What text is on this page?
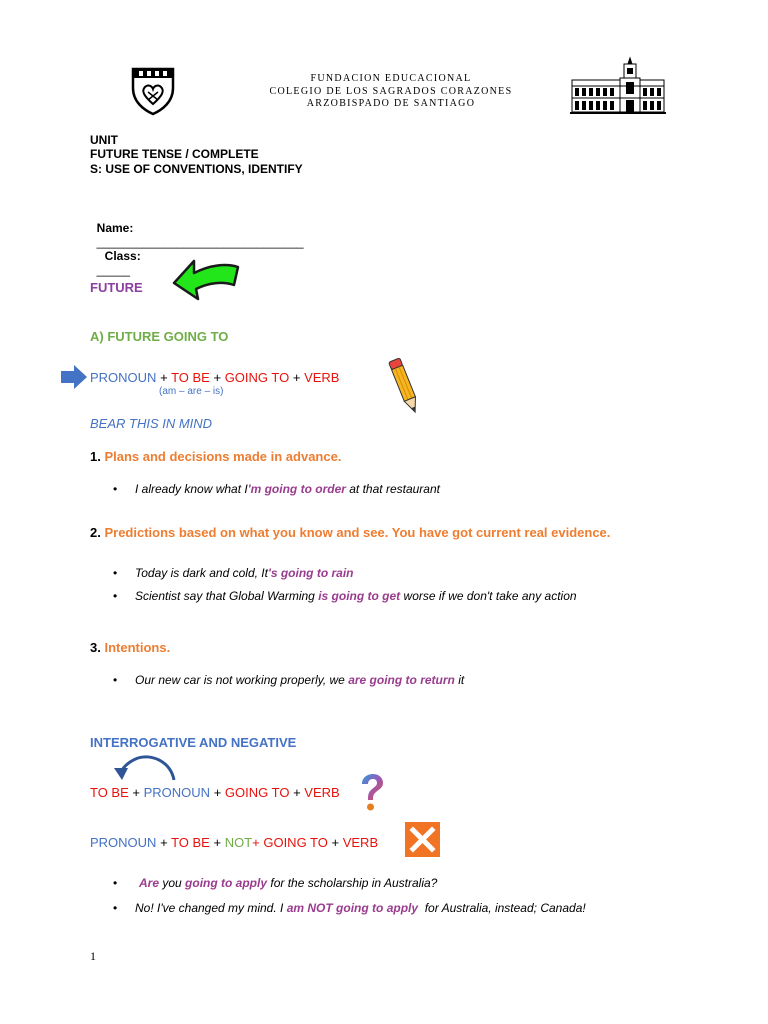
FUNDACION EDUCACIONAL
COLEGIO DE LOS SAGRADOS CORAZONES
ARZOBISPADO DE SANTIAGO
UNIT
FUTURE TENSE / COMPLETE
S: USE OF CONVENTIONS, IDENTIFY

Name:
_______________________________
Class:
_____

FUTURE
A) FUTURE GOING TO
PRONOUN + TO BE + GOING TO + VERB
(am – are – is)
BEAR THIS IN MIND
1. Plans and decisions made in advance.
• I already know what I'm going to order at that restaurant
2. Predictions based on what you know and see. You have got current real evidence.
• Today is dark and cold, It's going to rain
• Scientist say that Global Warming is going to get worse if we don't take any action
3. Intentions.
• Our new car is not working properly, we are going to return it
INTERROGATIVE AND NEGATIVE
TO BE + PRONOUN + GOING TO + VERB
PRONOUN + TO BE + NOT+ GOING TO + VERB
• Are you going to apply for the scholarship in Australia?
• No! I've changed my mind. I am NOT going to apply  for Australia, instead; Canada!
1
